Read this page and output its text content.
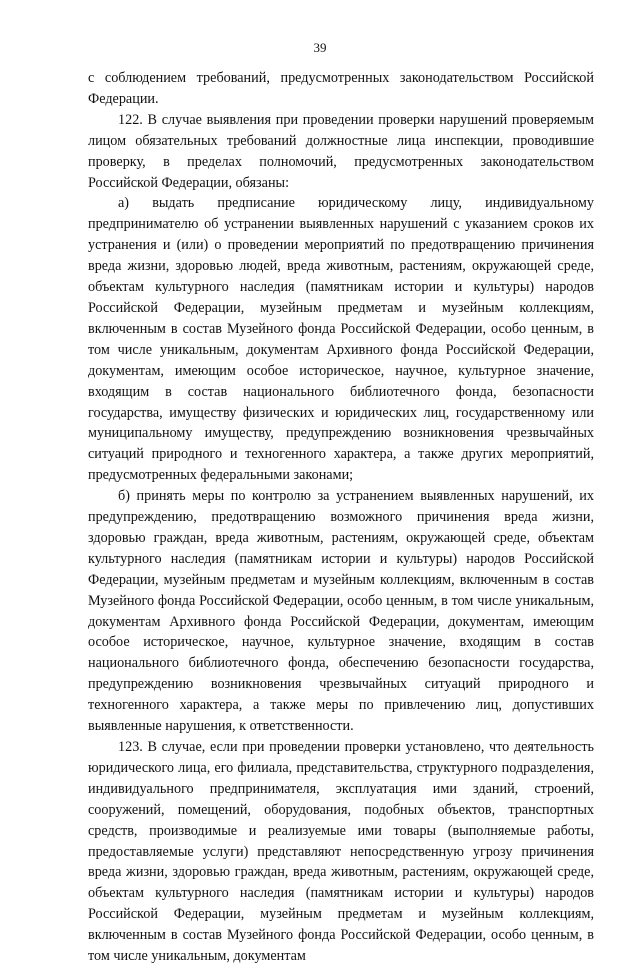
39

с соблюдением требований, предусмотренных законодательством Российской Федерации.

122. В случае выявления при проведении проверки нарушений проверяемым лицом обязательных требований должностные лица инспекции, проводившие проверку, в пределах полномочий, предусмотренных законодательством Российской Федерации, обязаны:

а) выдать предписание юридическому лицу, индивидуальному предпринимателю об устранении выявленных нарушений с указанием сроков их устранения и (или) о проведении мероприятий по предотвращению причинения вреда жизни, здоровью людей, вреда животным, растениям, окружающей среде, объектам культурного наследия (памятникам истории и культуры) народов Российской Федерации, музейным предметам и музейным коллекциям, включенным в состав Музейного фонда Российской Федерации, особо ценным, в том числе уникальным, документам Архивного фонда Российской Федерации, документам, имеющим особое историческое, научное, культурное значение, входящим в состав национального библиотечного фонда, безопасности государства, имуществу физических и юридических лиц, государственному или муниципальному имуществу, предупреждению возникновения чрезвычайных ситуаций природного и техногенного характера, а также других мероприятий, предусмотренных федеральными законами;

б) принять меры по контролю за устранением выявленных нарушений, их предупреждению, предотвращению возможного причинения вреда жизни, здоровью граждан, вреда животным, растениям, окружающей среде, объектам культурного наследия (памятникам истории и культуры) народов Российской Федерации, музейным предметам и музейным коллекциям, включенным в состав Музейного фонда Российской Федерации, особо ценным, в том числе уникальным, документам Архивного фонда Российской Федерации, документам, имеющим особое историческое, научное, культурное значение, входящим в состав национального библиотечного фонда, обеспечению безопасности государства, предупреждению возникновения чрезвычайных ситуаций природного и техногенного характера, а также меры по привлечению лиц, допустивших выявленные нарушения, к ответственности.

123. В случае, если при проведении проверки установлено, что деятельность юридического лица, его филиала, представительства, структурного подразделения, индивидуального предпринимателя, эксплуатация ими зданий, строений, сооружений, помещений, оборудования, подобных объектов, транспортных средств, производимые и реализуемые ими товары (выполняемые работы, предоставляемые услуги) представляют непосредственную угрозу причинения вреда жизни, здоровью граждан, вреда животным, растениям, окружающей среде, объектам культурного наследия (памятникам истории и культуры) народов Российской Федерации, музейным предметам и музейным коллекциям, включенным в состав Музейного фонда Российской Федерации, особо ценным, в том числе уникальным, документам
